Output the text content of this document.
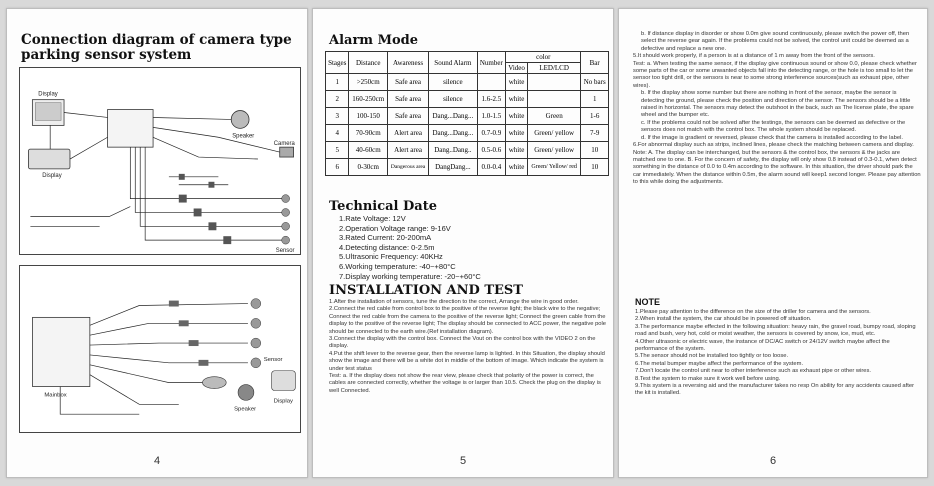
Connection diagram of camera type
parking sensor system
Display
Display
Speaker
Camera
Sensor
Mainbox
Sensor
Speaker
Display
4
Alarm Mode
Stages	Distance	Awareness	Sound Alarm	Number	color		Bar
					Video	LED/LCD	
1	>250cm	Safe area	silence		white		No bars
2	160-250cm	Safe area	silence	1.6-2.5	white		1
3	100-150	Safe area	Dang...Dang...	1.0-1.5	white	Green	1-6
4	70-90cm	Alert area	Dang...Dang...	0.7-0.9	white	Green/ yellow	7-9
5	40-60cm	Alert area	Dang..Dang..	0.5-0.6	white	Green/ yellow	10
6	0-30cm	Dangerous area	DangDang...	0.0-0.4	white	Green/ Yellow/ red	10
Technical Date
1.Rate Voltage: 12V
2.Operation Voltage range: 9-16V
3.Rated Current: 20-200mA
4.Detecting distance: 0-2.5m
5.Ultrasonic Frequency: 40KHz
6.Working temperature: -40~+80°C
7.Display working temperature: -20~+60°C
INSTALLATION AND TEST

1.After the installation of sensors, tune the direction to the correct, Arrange the wire in good order.

2.Connect the red cable from control box to the positive of the reverse light; the black wire to the negative; Connect the red cable from the camera to the positive of the reverse light; Connect the green cable from the display to the positive of the reverse light; The display should be connected to ACC power, the negative pole should be connected to the earth wire.(Ref installation diagram).

3.Connect the display with the control box. Connect the Vout on the control box with the VIDEO 2 on the display.

4.Put the shift lever to the reverse gear, then the reverse lamp is lighted. In this Situation, the display should show the image and there will be a white dot in middle of the bottom of image. Which indicate the system is under test status

Test: a. If the display does not show the rear view, please check that polarity of the power is correct, the cables are connected correctly, whether the voltage is or larger than 10.5. Check the plug on the display is well Connected.

5

b. If distance display in disorder or show 0.0m give sound continuously, please switch the power off, then select the reverse gear again. If the problems could not be solved, the control unit could be deemed as a defective and replace a new one.

5.It should work properly, if a person is at a distance of 1 m away from the front of the sensors.

Test: a. When testing the same sensor, if the display give continuous sound or show 0.0, please check whether some parts of the car or some unwanted objects fall into the detecting range, or the hole is too small to let the sensor too tight drill, or the sensors is near to some strong interference sources(such as exhaust pipe, other wires).

b. If the display show some number but there are nothing in front of the sensor, maybe the sensor is detecting the ground, please check the position and direction of the sensor. The sensors should be a little raised in horizontal. The sensors may detect the outshoot in the back, such as The license plate, the spare wheel and the bumper etc.

c. If the problems could not be solved after the testings, the sensors can be deemed as defective or the sensors does not match with the control box. The whole system should be replaced.

d. If the image is gradient or reversed, please check that the camera is installed according to the label.

6.For abnormal display such as strips, inclined lines, please check the matching between camera and display.

Note: A. The display can be interchanged, but the sensors & the control box, the sensors & the jacks are matched one to one. B. For the concern of safety, the display will only show 0.8 instead of 0.3-0.1, when detect something in the distance of 0.0 to 0.4m according to the software. In this situation, the driver should park the car immediately. When the distance within 0.5m, the alarm sound will keep1 second longer. Please pay attention to this while doing the adjustments.

NOTE

1.Please pay attention to the difference on the size of the driller for camera and the sensors.

2.When install the system, the car should be in powered off situation.

3.The performance maybe effected in the following situation: heavy rain, the gravel road, bumpy road, sloping road and bush, very hot, cold or moist weather, the sensors is covered by snow, ice, mud, etc.

4.Other ultrasonic or electric wave, the instance of DC/AC switch or 24/12V switch maybe affect the performance of the system.

5.The sensor should not be installed too tightly or too loose.

6.The metal bumper maybe affect the performance of the system.

7.Don't locate the control unit near to other interference such as exhaust pipe or other wires.

8.Test the system to make sure it work well before using.

9.This system is a reversing aid and the manufacturer takes no resp On ability for any accidents caused after the kit is installed.

6
